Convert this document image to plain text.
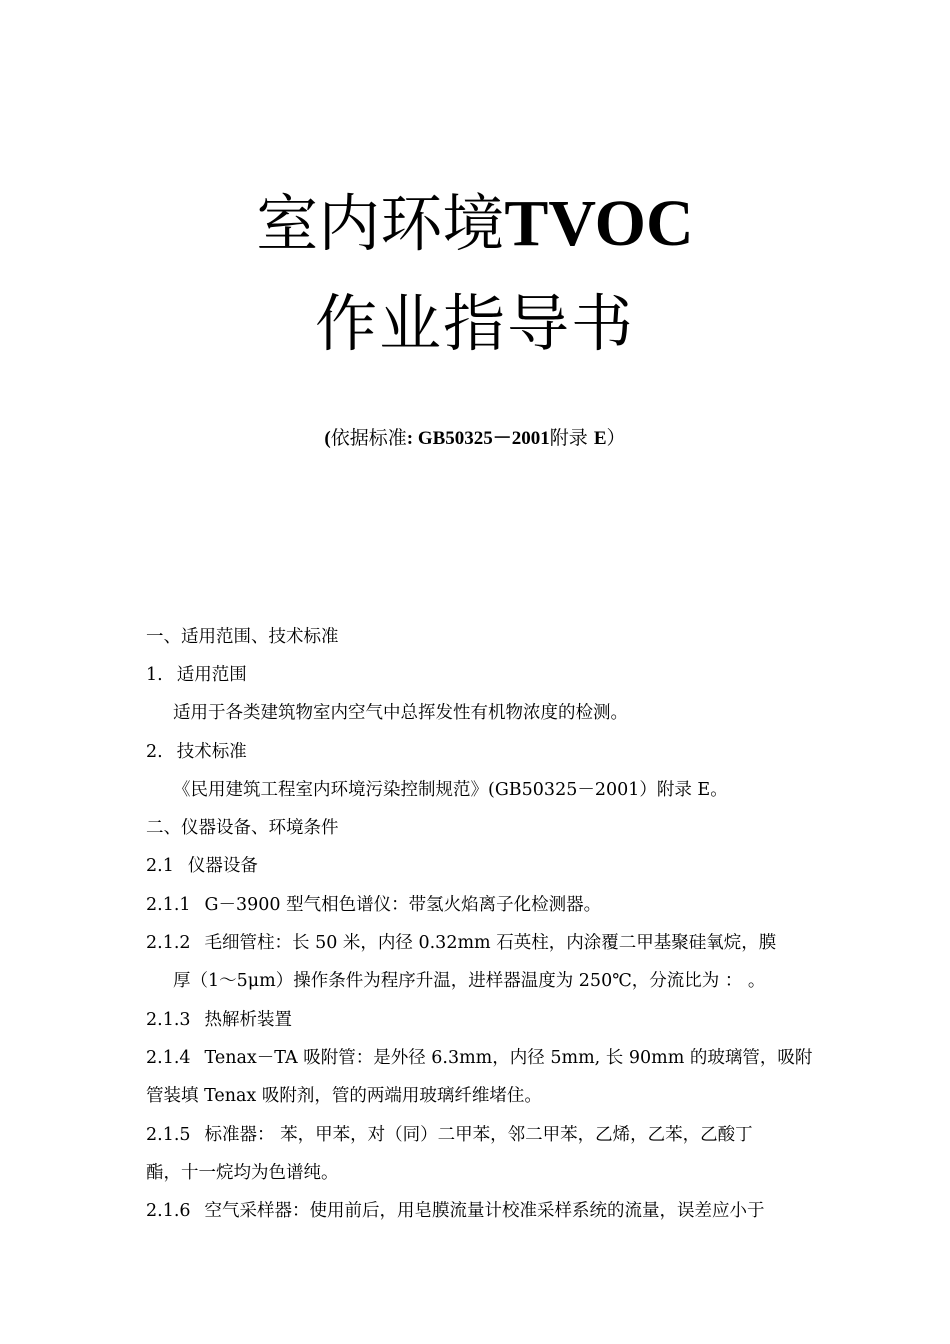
室内环境TVOC
作业指导书
(依据标准: GB50325－2001附录 E）
一、适用范围、技术标准
1. 适用范围
适用于各类建筑物室内空气中总挥发性有机物浓度的检测。
2. 技术标准
《民用建筑工程室内环境污染控制规范》(GB50325－2001）附录 E。
二、仪器设备、环境条件
2.1 仪器设备
2.1.1 G－3900 型气相色谱仪：带氢火焰离子化检测器。
2.1.2 毛细管柱：长 50 米，内径 0.32mm 石英柱，内涂覆二甲基聚硅氧烷，膜
厚（1～5μm）操作条件为程序升温，进样器温度为 250℃，分流比为 ： 。
2.1.3 热解析装置
2.1.4 Tenax－TA 吸附管：是外径 6.3mm，内径 5mm, 长 90mm 的玻璃管，吸附
管装填 Tenax 吸附剂，管的两端用玻璃纤维堵住。
2.1.5 标准器： 苯，甲苯，对（同）二甲苯，邻二甲苯，乙烯，乙苯，乙酸丁
酯，十一烷均为色谱纯。
2.1.6 空气采样器：使用前后，用皂膜流量计校准采样系统的流量，误差应小于
